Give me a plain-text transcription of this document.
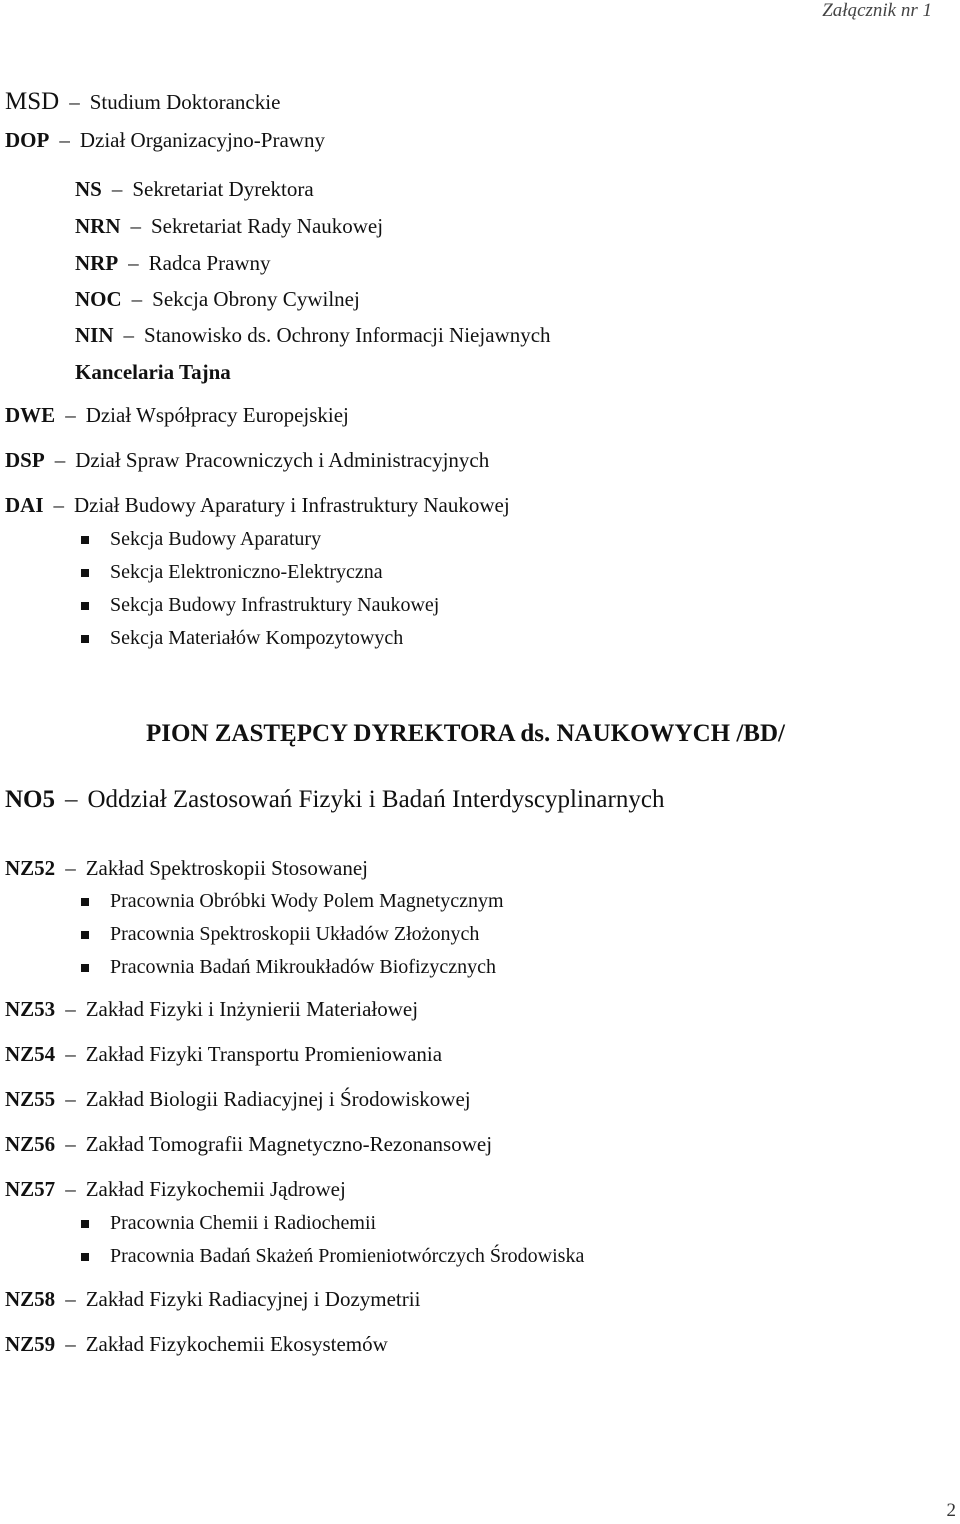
Załącznik nr 1
MSD – Studium Doktoranckie
DOP – Dział Organizacyjno-Prawny
NS – Sekretariat Dyrektora
NRN – Sekretariat Rady Naukowej
NRP – Radca Prawny
NOC – Sekcja Obrony Cywilnej
NIN – Stanowisko ds. Ochrony Informacji Niejawnych
Kancelaria Tajna
DWE – Dział Współpracy Europejskiej
DSP – Dział Spraw Pracowniczych i Administracyjnych
DAI – Dział Budowy Aparatury i Infrastruktury Naukowej
Sekcja Budowy Aparatury
Sekcja Elektroniczno-Elektryczna
Sekcja Budowy Infrastruktury Naukowej
Sekcja Materiałów Kompozytowych
PION ZASTĘPCY DYREKTORA ds. NAUKOWYCH /BD/
NO5 – Oddział Zastosowań Fizyki i Badań Interdyscyplinarnych
NZ52 – Zakład Spektroskopii Stosowanej
Pracownia Obróbki Wody Polem Magnetycznym
Pracownia Spektroskopii Układów Złożonych
Pracownia Badań Mikroukładów Biofizycznych
NZ53 – Zakład Fizyki i Inżynierii Materiałowej
NZ54 – Zakład Fizyki Transportu Promieniowania
NZ55 – Zakład Biologii Radiacyjnej i Środowiskowej
NZ56 – Zakład Tomografii Magnetyczno-Rezonansowej
NZ57 – Zakład Fizykochemii Jądrowej
Pracownia Chemii i Radiochemii
Pracownia Badań Skażeń Promieniotwórczych Środowiska
NZ58 – Zakład Fizyki Radiacyjnej i Dozymetrii
NZ59 – Zakład Fizykochemii Ekosystemów
2
